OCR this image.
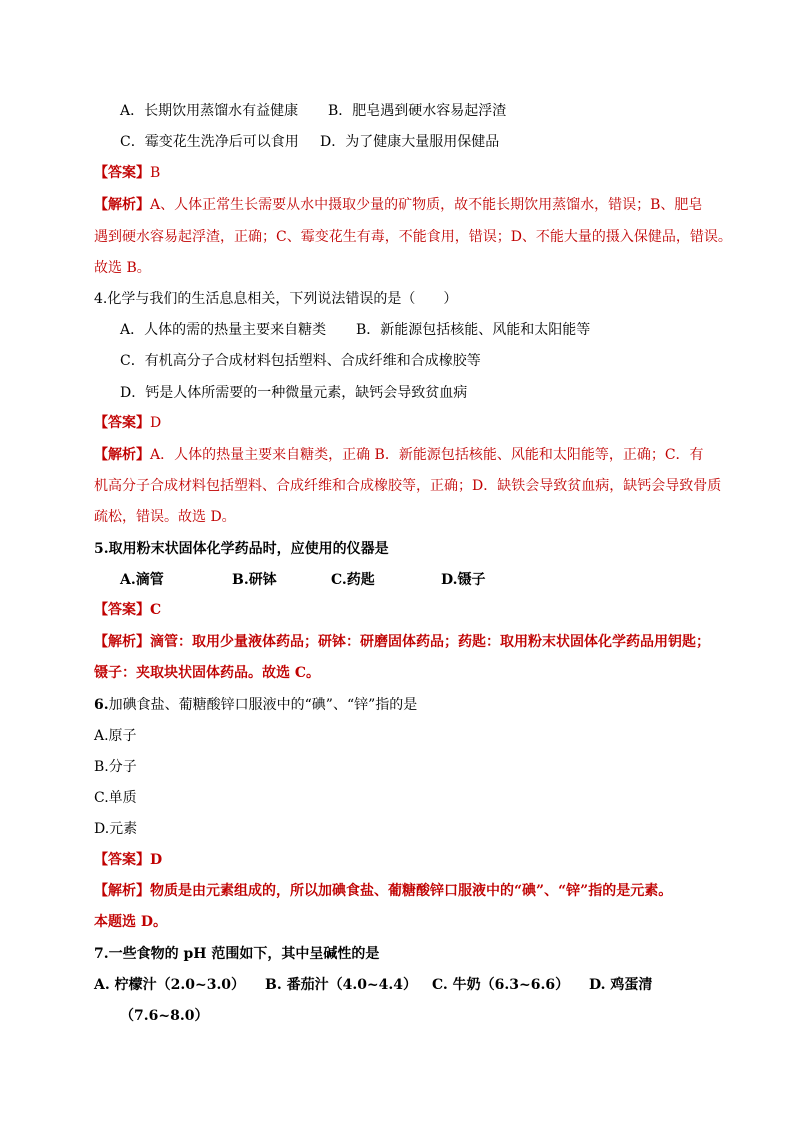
A．长期饮用蒸馏水有益健康 B．肥皂遇到硬水容易起浮渣
C．霉变花生洗净后可以食用 D．为了健康大量服用保健品
【答案】B
【解析】A、人体正常生长需要从水中摄取少量的矿物质，故不能长期饮用蒸馏水，错误；B、肥皂
遇到硬水容易起浮渣，正确；C、霉变花生有毒，不能食用，错误；D、不能大量的摄入保健品，错误。
故选 B。
4.化学与我们的生活息息相关，下列说法错误的是（　　）
A．人体的需的热量主要来自糖类 B．新能源包括核能、风能和太阳能等
C．有机高分子合成材料包括塑料、合成纤维和合成橡胶等
D．钙是人体所需要的一种微量元素，缺钙会导致贫血病
【答案】D
【解析】A．人体的热量主要来自糖类，正确 B．新能源包括核能、风能和太阳能等，正确；C．有
机高分子合成材料包括塑料、合成纤维和合成橡胶等，正确；D．缺铁会导致贫血病，缺钙会导致骨质
疏松，错误。故选 D。
5.取用粉末状固体化学药品时，应使用的仪器是
A.滴管	B.研钵	C.药匙	D.镊子
【答案】C
【解析】滴管：取用少量液体药品；研钵：研磨固体药品；药匙：取用粉末状固体化学药品用钥匙；
镊子：夹取块状固体药品。故选 C。
6.加碘食盐、葡糖酸锌口服液中的“碘”、“锌”指的是
A.原子
B.分子
C.单质
D.元素
【答案】D
【解析】物质是由元素组成的，所以加碘食盐、葡糖酸锌口服液中的“碘”、“锌”指的是元素。
本题选 D。
7.一些食物的 pH 范围如下，其中呈碱性的是
A. 柠檬汁（2.0~3.0） B. 番茄汁（4.0~4.4） C. 牛奶（6.3~6.6） D. 鸡蛋清
（7.6~8.0）
